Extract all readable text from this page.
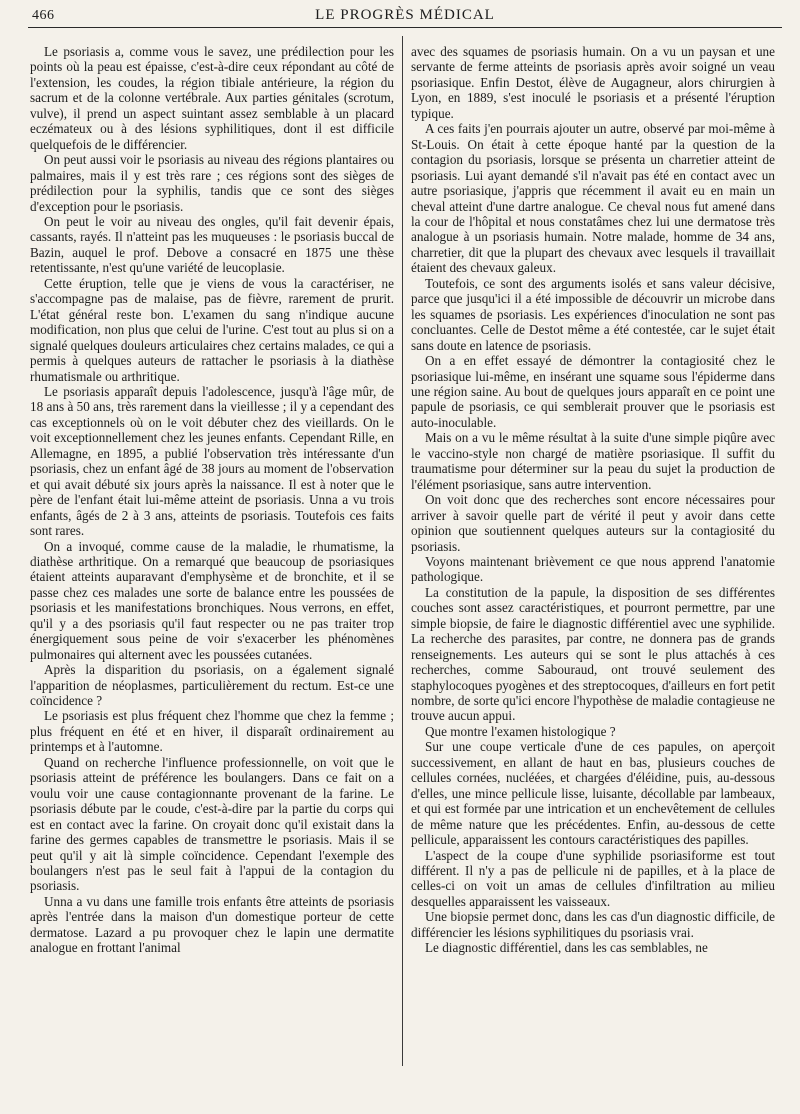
466	LE PROGRÈS MÉDICAL

Le psoriasis a, comme vous le savez, une prédilection pour les points où la peau est épaisse, c'est-à-dire ceux répondant au côté de l'extension, les coudes, la région tibiale antérieure, la région du sacrum et de la colonne vertébrale. Aux parties génitales (scrotum, vulve), il prend un aspect suintant assez semblable à un placard eczémateux ou à des lésions syphilitiques, dont il est difficile quelquefois de le différencier.

On peut aussi voir le psoriasis au niveau des régions plantaires ou palmaires, mais il y est très rare ; ces régions sont des sièges de prédilection pour la syphilis, tandis que ce sont des sièges d'exception pour le psoriasis.

On peut le voir au niveau des ongles, qu'il fait devenir épais, cassants, rayés. Il n'atteint pas les muqueuses : le psoriasis buccal de Bazin, auquel le prof. Debove a consacré en 1875 une thèse retentissante, n'est qu'une variété de leucoplasie.

Cette éruption, telle que je viens de vous la caractériser, ne s'accompagne pas de malaise, pas de fièvre, rarement de prurit. L'état général reste bon. L'examen du sang n'indique aucune modification, non plus que celui de l'urine. C'est tout au plus si on a signalé quelques douleurs articulaires chez certains malades, ce qui a permis à quelques auteurs de rattacher le psoriasis à la diathèse rhumatismale ou arthritique.

Le psoriasis apparaît depuis l'adolescence, jusqu'à l'âge mûr, de 18 ans à 50 ans, très rarement dans la vieillesse ; il y a cependant des cas exceptionnels où on le voit débuter chez des vieillards. On le voit exceptionnellement chez les jeunes enfants. Cependant Rille, en Allemagne, en 1895, a publié l'observation très intéressante d'un psoriasis, chez un enfant âgé de 38 jours au moment de l'observation et qui avait débuté six jours après la naissance. Il est à noter que le père de l'enfant était lui-même atteint de psoriasis. Unna a vu trois enfants, âgés de 2 à 3 ans, atteints de psoriasis. Toutefois ces faits sont rares.

On a invoqué, comme cause de la maladie, le rhumatisme, la diathèse arthritique. On a remarqué que beaucoup de psoriasiques étaient atteints auparavant d'emphysème et de bronchite, et il se passe chez ces malades une sorte de balance entre les poussées de psoriasis et les manifestations bronchiques. Nous verrons, en effet, qu'il y a des psoriasis qu'il faut respecter ou ne pas traiter trop énergiquement sous peine de voir s'exacerber les phénomènes pulmonaires qui alternent avec les poussées cutanées.

Après la disparition du psoriasis, on a également signalé l'apparition de néoplasmes, particulièrement du rectum. Est-ce une coïncidence ?

Le psoriasis est plus fréquent chez l'homme que chez la femme ; plus fréquent en été et en hiver, il disparaît ordinairement au printemps et à l'automne.

Quand on recherche l'influence professionnelle, on voit que le psoriasis atteint de préférence les boulangers. Dans ce fait on a voulu voir une cause contagionnante provenant de la farine. Le psoriasis débute par le coude, c'est-à-dire par la partie du corps qui est en contact avec la farine. On croyait donc qu'il existait dans la farine des germes capables de transmettre le psoriasis. Mais il se peut qu'il y ait là simple coïncidence. Cependant l'exemple des boulangers n'est pas le seul fait à l'appui de la contagion du psoriasis.

Unna a vu dans une famille trois enfants être atteints de psoriasis après l'entrée dans la maison d'un domestique porteur de cette dermatose. Lazard a pu provoquer chez le lapin une dermatite analogue en frottant l'animal

avec des squames de psoriasis humain. On a vu un paysan et une servante de ferme atteints de psoriasis après avoir soigné un veau psoriasique. Enfin Destot, élève de Augagneur, alors chirurgien à Lyon, en 1889, s'est inoculé le psoriasis et a présenté l'éruption typique.

A ces faits j'en pourrais ajouter un autre, observé par moi-même à St-Louis. On était à cette époque hanté par la question de la contagion du psoriasis, lorsque se présenta un charretier atteint de psoriasis. Lui ayant demandé s'il n'avait pas été en contact avec un autre psoriasique, j'appris que récemment il avait eu en main un cheval atteint d'une dartre analogue. Ce cheval nous fut amené dans la cour de l'hôpital et nous constatâmes chez lui une dermatose très analogue à un psoriasis humain. Notre malade, homme de 34 ans, charretier, dit que la plupart des chevaux avec lesquels il travaillait étaient des chevaux galeux.

Toutefois, ce sont des arguments isolés et sans valeur décisive, parce que jusqu'ici il a été impossible de découvrir un microbe dans les squames de psoriasis. Les expériences d'inoculation ne sont pas concluantes. Celle de Destot même a été contestée, car le sujet était sans doute en latence de psoriasis.

On a en effet essayé de démontrer la contagiosité chez le psoriasique lui-même, en insérant une squame sous l'épiderme dans une région saine. Au bout de quelques jours apparaît en ce point une papule de psoriasis, ce qui semblerait prouver que le psoriasis est auto-inoculable.

Mais on a vu le même résultat à la suite d'une simple piqûre avec le vaccino-style non chargé de matière psoriasique. Il suffit du traumatisme pour déterminer sur la peau du sujet la production de l'élément psoriasique, sans autre intervention.

On voit donc que des recherches sont encore nécessaires pour arriver à savoir quelle part de vérité il peut y avoir dans cette opinion que soutiennent quelques auteurs sur la contagiosité du psoriasis.

Voyons maintenant brièvement ce que nous apprend l'anatomie pathologique.

La constitution de la papule, la disposition de ses différentes couches sont assez caractéristiques, et pourront permettre, par une simple biopsie, de faire le diagnostic différentiel avec une syphilide. La recherche des parasites, par contre, ne donnera pas de grands renseignements. Les auteurs qui se sont le plus attachés à ces recherches, comme Sabouraud, ont trouvé seulement des staphylocoques pyogènes et des streptocoques, d'ailleurs en fort petit nombre, de sorte qu'ici encore l'hypothèse de maladie contagieuse ne trouve aucun appui.

Que montre l'examen histologique ?

Sur une coupe verticale d'une de ces papules, on aperçoit successivement, en allant de haut en bas, plusieurs couches de cellules cornées, nucléées, et chargées d'éléidine, puis, au-dessous d'elles, une mince pellicule lisse, luisante, décollable par lambeaux, et qui est formée par une intrication et un enchevêtement de cellules de même nature que les précédentes. Enfin, au-dessous de cette pellicule, apparaissent les contours caractéristiques des papilles.

L'aspect de la coupe d'une syphilide psoriasiforme est tout différent. Il n'y a pas de pellicule ni de papilles, et à la place de celles-ci on voit un amas de cellules d'infiltration au milieu desquelles apparaissent les vaisseaux.

Une biopsie permet donc, dans les cas d'un diagnostic difficile, de différencier les lésions syphilitiques du psoriasis vrai.

Le diagnostic différentiel, dans les cas semblables, ne
